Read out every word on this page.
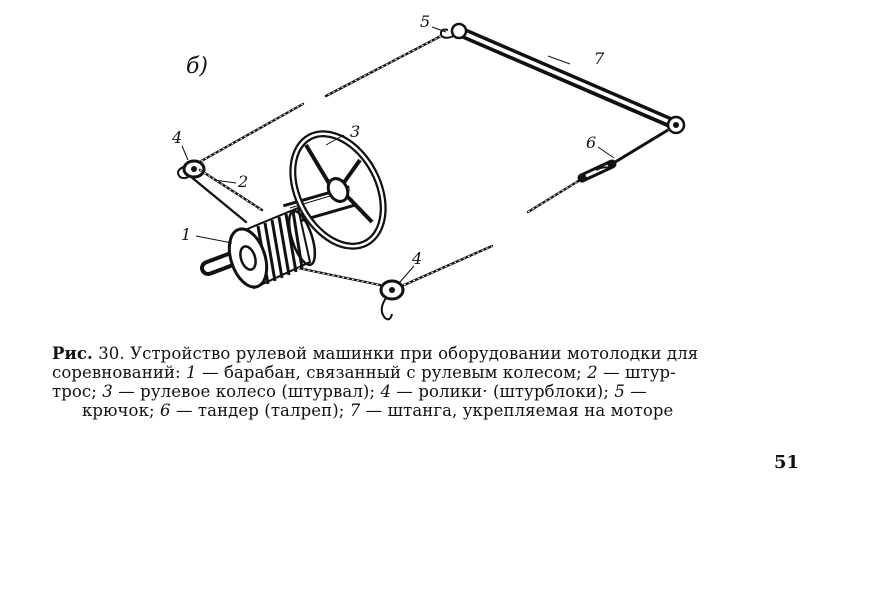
б)
1
2
3
4
4
5
6
7
Рис. 30. Устройство рулевой машинки при оборудовании мотолодки для
соревнований: 1 — барабан, связанный с рулевым колесом; 2 — штур-
трос; 3 — рулевое колесо (штурвал); 4 — ролики· (штурблоки); 5 —
крючок; 6 — тандер (талреп); 7 — штанга, укрепляемая на моторе
51
